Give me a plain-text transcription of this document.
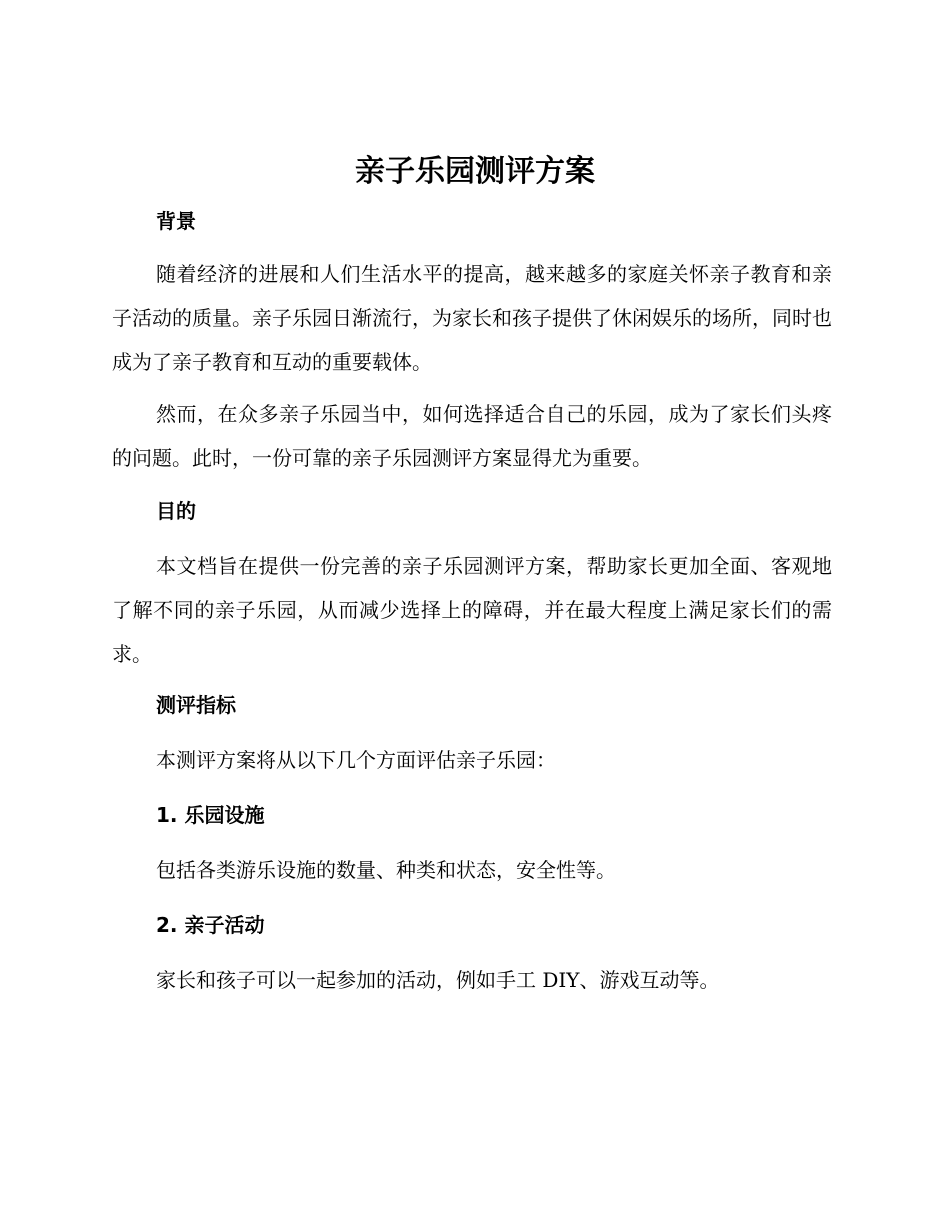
亲子乐园测评方案
背景

随着经济的进展和人们生活水平的提高，越来越多的家庭关怀亲子教育和亲子活动的质量。亲子乐园日渐流行，为家长和孩子提供了休闲娱乐的场所，同时也成为了亲子教育和互动的重要载体。

然而，在众多亲子乐园当中，如何选择适合自己的乐园，成为了家长们头疼的问题。此时，一份可靠的亲子乐园测评方案显得尤为重要。

目的

本文档旨在提供一份完善的亲子乐园测评方案，帮助家长更加全面、客观地了解不同的亲子乐园，从而减少选择上的障碍，并在最大程度上满足家长们的需求。

测评指标

本测评方案将从以下几个方面评估亲子乐园：

1. 乐园设施

包括各类游乐设施的数量、种类和状态，安全性等。

2. 亲子活动

家长和孩子可以一起参加的活动，例如手工 DIY、游戏互动等。
